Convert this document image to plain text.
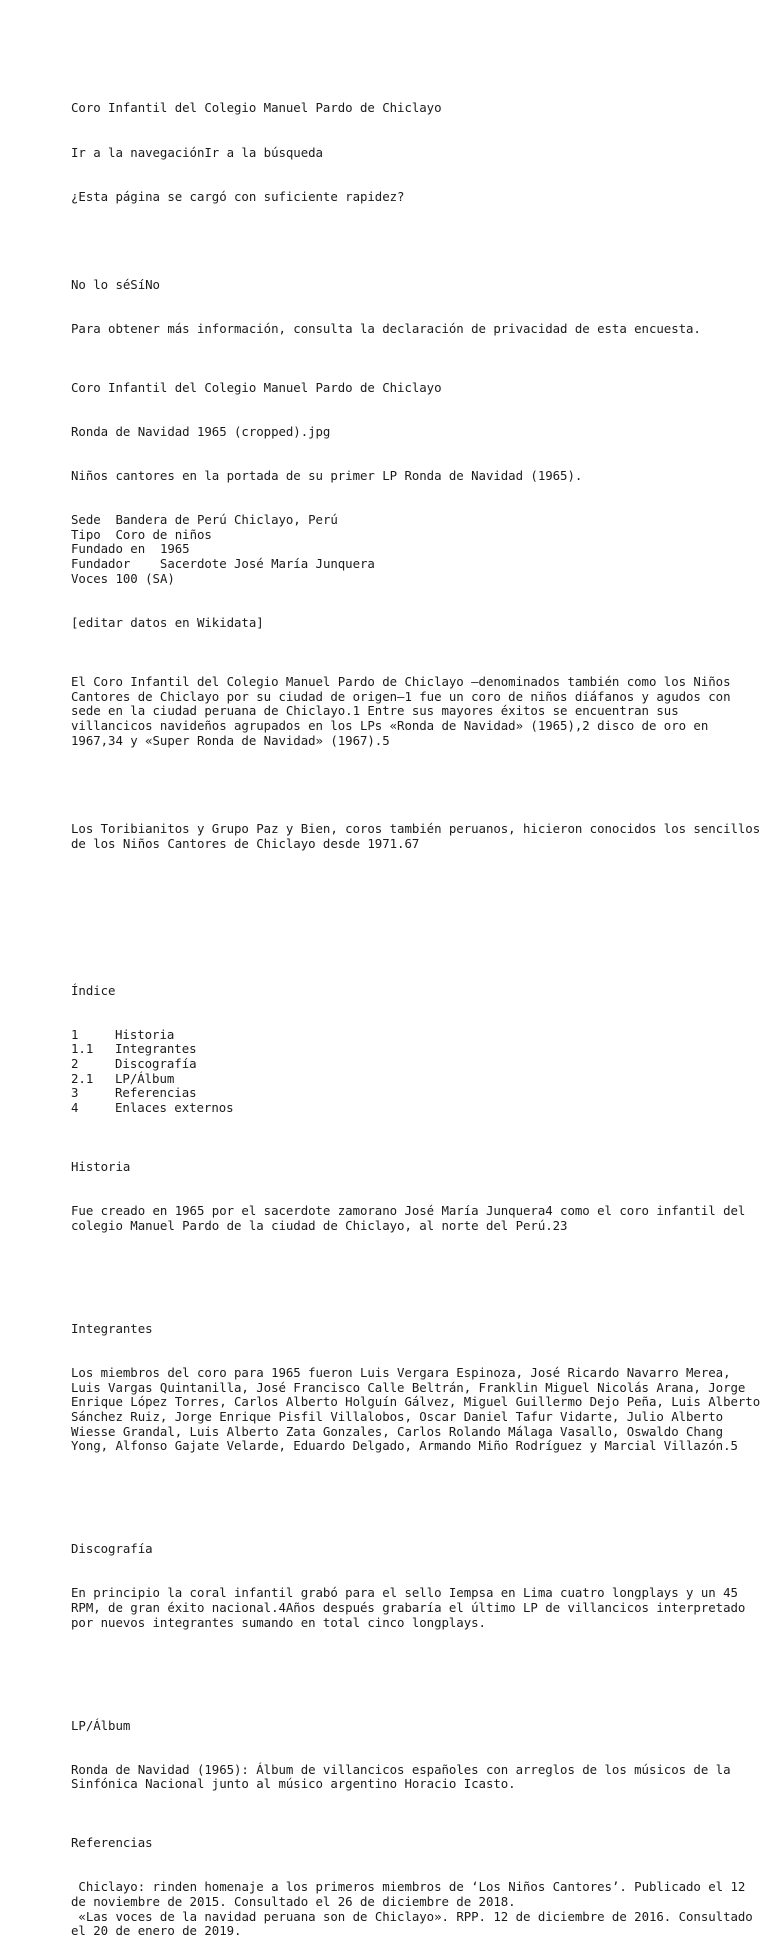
Coro Infantil del Colegio Manuel Pardo de Chiclayo

Ir a la navegaciónIr a la búsqueda

¿Esta página se cargó con suficiente rapidez?

No lo séSíNo

Para obtener más información, consulta la declaración de privacidad de esta encuesta.

Coro Infantil del Colegio Manuel Pardo de Chiclayo

Ronda de Navidad 1965 (cropped).jpg

Niños cantores en la portada de su primer LP Ronda de Navidad (1965).

Sede Bandera de Perú Chiclayo, Perú
Tipo Coro de niños
Fundado en 1965
Fundador Sacerdote José María Junquera
Voces 100 (SA)

[editar datos en Wikidata]

El Coro Infantil del Colegio Manuel Pardo de Chiclayo —denominados también como los Niños Cantores de Chiclayo por su ciudad de origen—1 fue un coro de niños diáfanos y agudos con sede en la ciudad peruana de Chiclayo.1 Entre sus mayores éxitos se encuentran sus villancicos navideños agrupados en los LPs «Ronda de Navidad» (1965),2 disco de oro en 1967,34 y «Super Ronda de Navidad» (1967).5

Los Toribianitos y Grupo Paz y Bien, coros también peruanos, hicieron conocidos los sencillos de los Niños Cantores de Chiclayo desde 1971.67

Índice

1	Historia
1.1 Integrantes
2	Discografía
2.1 LP/Álbum
3	Referencias
4	Enlaces externos

Historia

Fue creado en 1965 por el sacerdote zamorano José María Junquera4 como el coro infantil del colegio Manuel Pardo de la ciudad de Chiclayo, al norte del Perú.23

Integrantes

Los miembros del coro para 1965 fueron Luis Vergara Espinoza, José Ricardo Navarro Merea, Luis Vargas Quintanilla, José Francisco Calle Beltrán, Franklin Miguel Nicolás Arana, Jorge Enrique López Torres, Carlos Alberto Holguín Gálvez, Miguel Guillermo Dejo Peña, Luis Alberto Sánchez Ruiz, Jorge Enrique Pisfil Villalobos, Oscar Daniel Tafur Vidarte, Julio Alberto Wiesse Grandal, Luis Alberto Zata Gonzales, Carlos Rolando Málaga Vasallo, Oswaldo Chang Yong, Alfonso Gajate Velarde, Eduardo Delgado, Armando Miño Rodríguez y Marcial Villazón.5

Discografía

En principio la coral infantil grabó para el sello Iempsa en Lima cuatro longplays y un 45 RPM, de gran éxito nacional.4Años después grabaría el último LP de villancicos interpretado por nuevos integrantes sumando en total cinco longplays.

LP/Álbum

Ronda de Navidad (1965): Álbum de villancicos españoles con arreglos de los músicos de la Sinfónica Nacional junto al músico argentino Horacio Icasto.

Referencias

Chiclayo: rinden homenaje a los primeros miembros de ‘Los Niños Cantores’. Publicado el 12 de noviembre de 2015. Consultado el 26 de diciembre de 2018.
«Las voces de la navidad peruana son de Chiclayo». RPP. 12 de diciembre de 2016. Consultado el 20 de enero de 2019.
